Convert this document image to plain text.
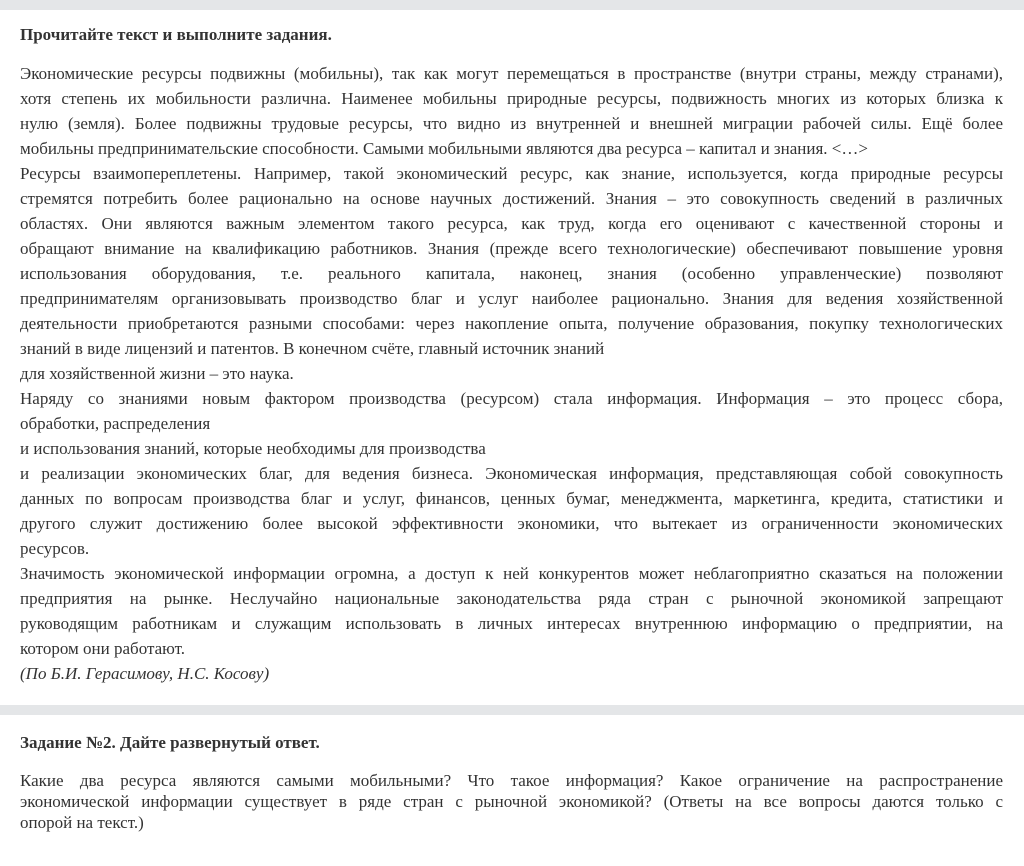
Прочитайте текст и выполните задания.
Экономические ресурсы подвижны (мобильны), так как могут перемещаться в пространстве (внутри страны, между странами),
хотя степень их мобильности различна. Наименее мобильны природные ресурсы, подвижность многих из которых близка к
нулю (земля). Более подвижны трудовые ресурсы, что видно из внутренней и внешней миграции рабочей силы. Ещё более
мобильны предпринимательские способности. Самыми мобильными являются два ресурса – капитал и знания. <…>
Ресурсы взаимопереплетены. Например, такой экономический ресурс, как знание, используется, когда природные ресурсы
стремятся потребить более рационально на основе научных достижений. Знания – это совокупность сведений в различных
областях. Они являются важным элементом такого ресурса, как труд, когда его оценивают с качественной стороны и
обращают внимание на квалификацию работников. Знания (прежде всего технологические) обеспечивают повышение уровня
использования оборудования, т.е. реального капитала, наконец, знания (особенно управленческие) позволяют
предпринимателям организовывать производство благ и услуг наиболее рационально. Знания для ведения хозяйственной
деятельности приобретаются разными способами: через накопление опыта, получение образования, покупку технологических
знаний в виде лицензий и патентов. В конечном счёте, главный источник знаний
для хозяйственной жизни – это наука.
Наряду со знаниями новым фактором производства (ресурсом) стала информация. Информация – это процесс сбора,
обработки, распределения
и использования знаний, которые необходимы для производства
и реализации экономических благ, для ведения бизнеса. Экономическая информация, представляющая собой совокупность
данных по вопросам производства благ и услуг, финансов, ценных бумаг, менеджмента, маркетинга, кредита, статистики и
другого служит достижению более высокой эффективности экономики, что вытекает из ограниченности экономических
ресурсов.
Значимость экономической информации огромна, а доступ к ней конкурентов может неблагоприятно сказаться на положении
предприятия на рынке. Неслучайно национальные законодательства ряда стран с рыночной экономикой запрещают
руководящим работникам и служащим использовать в личных интересах внутреннюю информацию о предприятии, на
котором они работают.
(По Б.И. Герасимову, Н.С. Косову)
Задание №2. Дайте развернутый ответ.
Какие два ресурса являются самыми мобильными? Что такое информация? Какое ограничение на распространение
экономической информации существует в ряде стран с рыночной экономикой? (Ответы на все вопросы даются только с
опорой на текст.)
